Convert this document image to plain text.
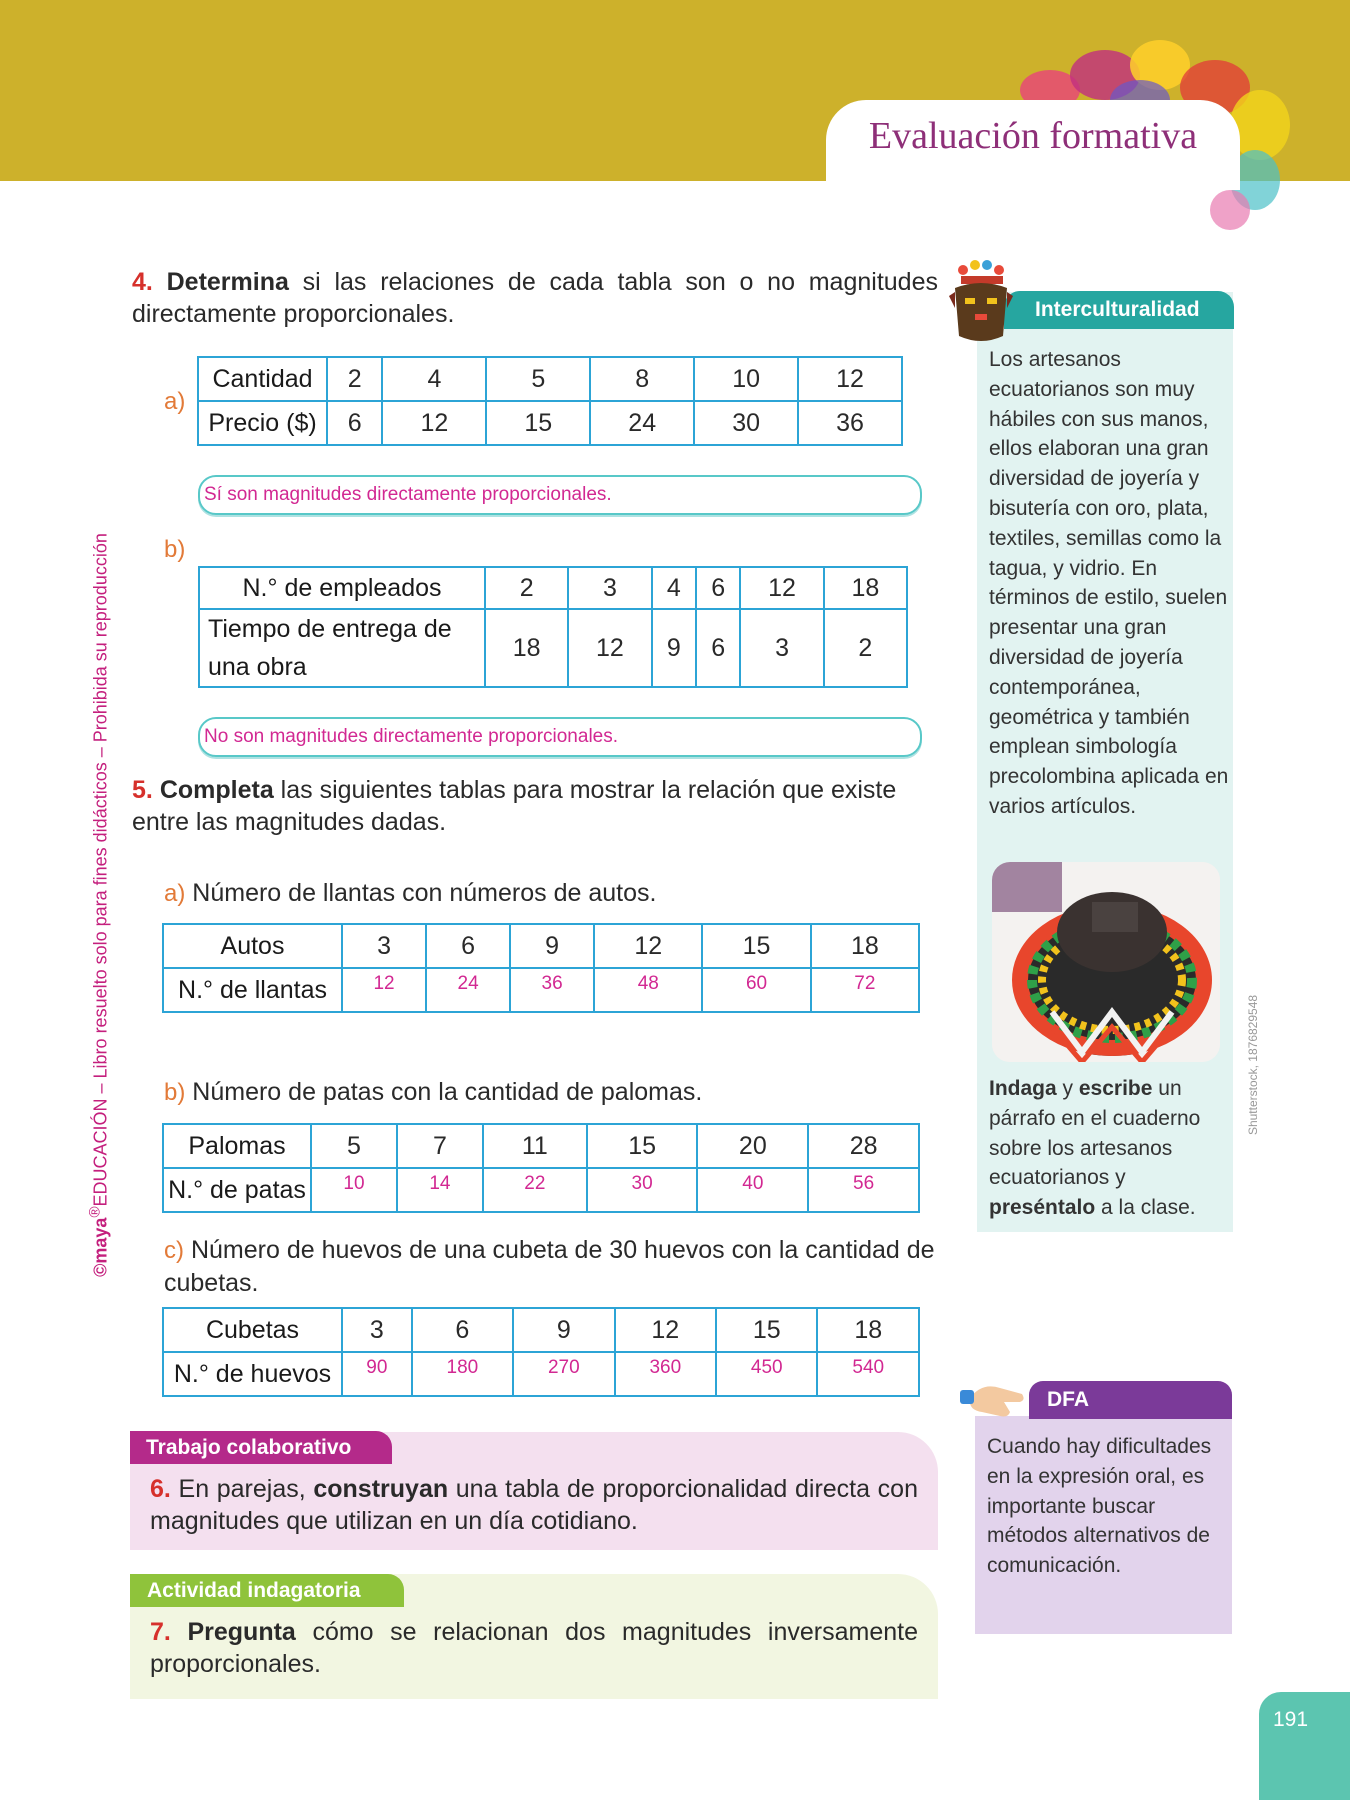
Evaluación formativa
©maya®EDUCACIÓN – Libro resuelto solo para fines didácticos – Prohibida su reproducción
4. Determina si las relaciones de cada tabla son o no magnitudes directamente proporcionales.
a)
Cantidad	2	4	5	8	10	12
Precio ($)	6	12	15	24	30	36
Sí son magnitudes directamente proporcionales.
b)
N.° de empleados	2	3	4	6	12	18
Tiempo de entrega de
una obra	18	12	9	6	3	2
No son magnitudes directamente proporcionales.
5. Completa las siguientes tablas para mostrar la relación que existe entre las magnitudes dadas.
a) Número de llantas con números de autos.
Autos	3	6	9	12	15	18
N.° de llantas	12	24	36	48	60	72
b) Número de patas con la cantidad de palomas.
Palomas	5	7	11	15	20	28
N.° de patas	10	14	22	30	40	56
c) Número de huevos de una cubeta de 30 huevos con la cantidad de cubetas.
Cubetas	3	6	9	12	15	18
N.° de huevos	90	180	270	360	450	540
Trabajo colaborativo
6. En parejas, construyan una tabla de proporcionalidad directa con magnitudes que utilizan en un día cotidiano.
Actividad indagatoria
7. Pregunta cómo se relacionan dos magnitudes inversamente proporcionales.
Interculturalidad
Los artesanos ecuatorianos son muy hábiles con sus manos, ellos elaboran una gran diversidad de joyería y bisutería con oro, plata, textiles, semillas como la tagua, y vidrio. En términos de estilo, suelen presentar una gran diversidad de joyería contemporánea, geométrica y también emplean simbología precolombina aplicada en varios artículos.
Shutterstock, 1876829548
Indaga y escribe un párrafo en el cuaderno sobre los artesanos ecuatorianos y preséntalo a la clase.
DFA
Cuando hay dificultades en la expresión oral, es importante buscar métodos alternativos de comunicación.
191
